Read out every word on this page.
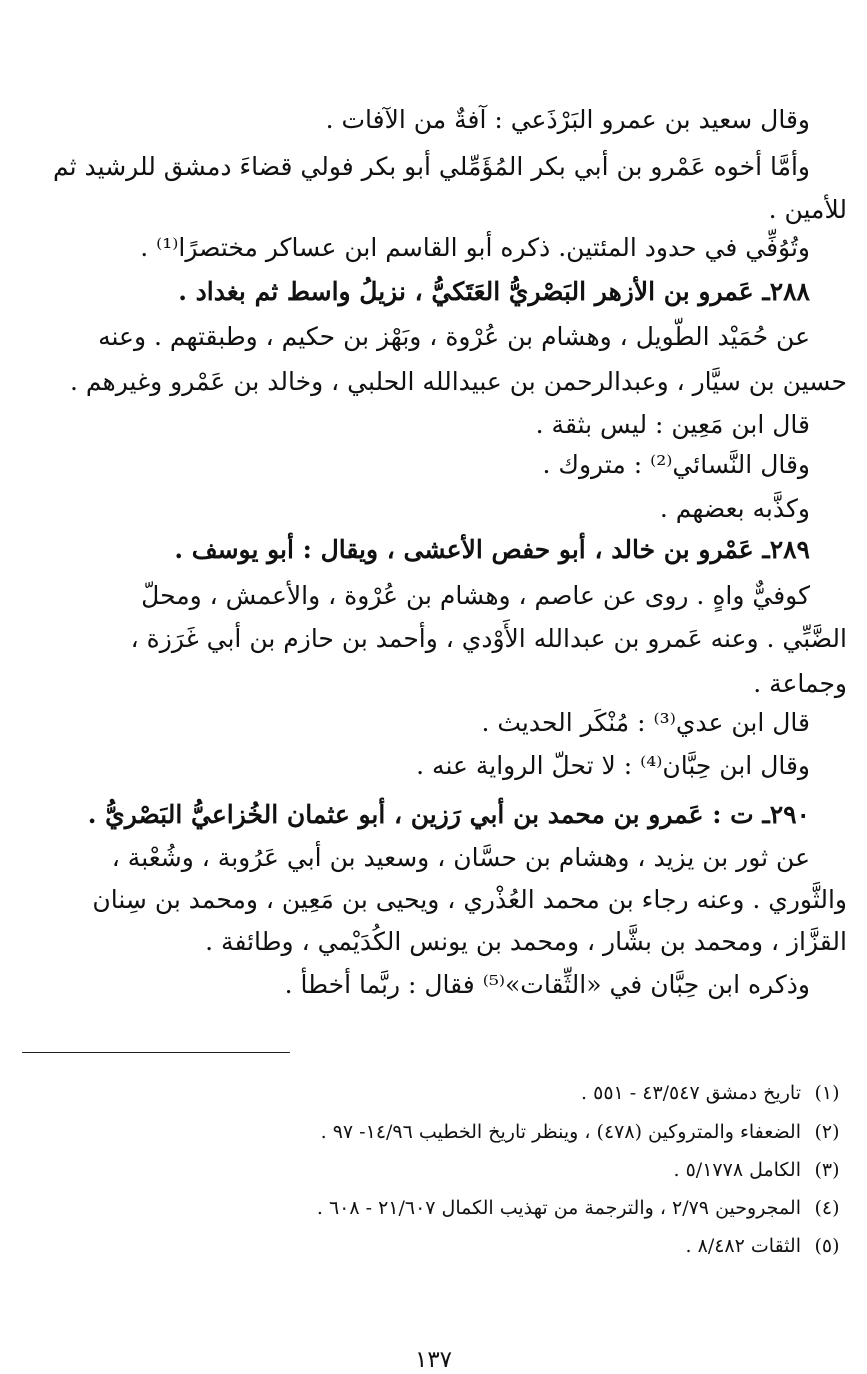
وقال سعيد بن عمرو البَرْذَعي : آفةٌ من الآفات .
وأمَّا أخوه عَمْرو بن أبي بكر المُؤَمِّلي أبو بكر فولي قضاءَ دمشق للرشيد ثم
للأمين .
وتُوُفِّي في حدود المئتين. ذكره أبو القاسم ابن عساكر مختصرًا⁽¹⁾ .
٢٨٨ـ عَمرو بن الأزهر البَصْريُّ العَتَكيُّ ، نزيلُ واسط ثم بغداد .
عن حُمَيْد الطَّويل ، وهشام بن عُرْوة ، وبَهْز بن حكيم ، وطبقتهم . وعنه
حسين بن سيَّار ، وعبدالرحمن بن عبيدالله الحلبي ، وخالد بن عَمْرو وغيرهم .
قال ابن مَعِين : ليس بثقة .
وقال النَّسائي⁽²⁾ : متروك .
وكذَّبه بعضهم .
٢٨٩ـ عَمْرو بن خالد ، أبو حفص الأعشى ، ويقال : أبو يوسف .
كوفيٌّ واهٍ . روى عن عاصم ، وهشام بن عُرْوة ، والأعمش ، ومحلّ
الضَّبِّي . وعنه عَمرو بن عبدالله الأَوْدي ، وأحمد بن حازم بن أبي غَرَزة ،
وجماعة .
قال ابن عدي⁽³⁾ : مُنْكَر الحديث .
وقال ابن حِبَّان⁽⁴⁾ : لا تحلّ الرواية عنه .
٢٩٠ـ ت : عَمرو بن محمد بن أبي رَزين ، أبو عثمان الخُزاعيُّ البَصْريُّ .
عن ثور بن يزيد ، وهشام بن حسَّان ، وسعيد بن أبي عَرُوبة ، وشُعْبة ،
والثَّوري . وعنه رجاء بن محمد العُذْري ، ويحيى بن مَعِين ، ومحمد بن سِنان
القزَّاز ، ومحمد بن بشَّار ، ومحمد بن يونس الكُدَيْمي ، وطائفة .
وذكره ابن حِبَّان في «الثِّقات»⁽⁵⁾ فقال : ربَّما أخطأ .
(١)تاريخ دمشق ٤٣/٥٤٧ - ٥٥١ .
(٢)الضعفاء والمتروكين (٤٧٨) ، وينظر تاريخ الخطيب ١٤/٩٦- ٩٧ .
(٣)الكامل ٥/١٧٧٨ .
(٤)المجروحين ٢/٧٩ ، والترجمة من تهذيب الكمال ٢١/٦٠٧ - ٦٠٨ .
(٥)الثقات ٨/٤٨٢ .
١٣٧
